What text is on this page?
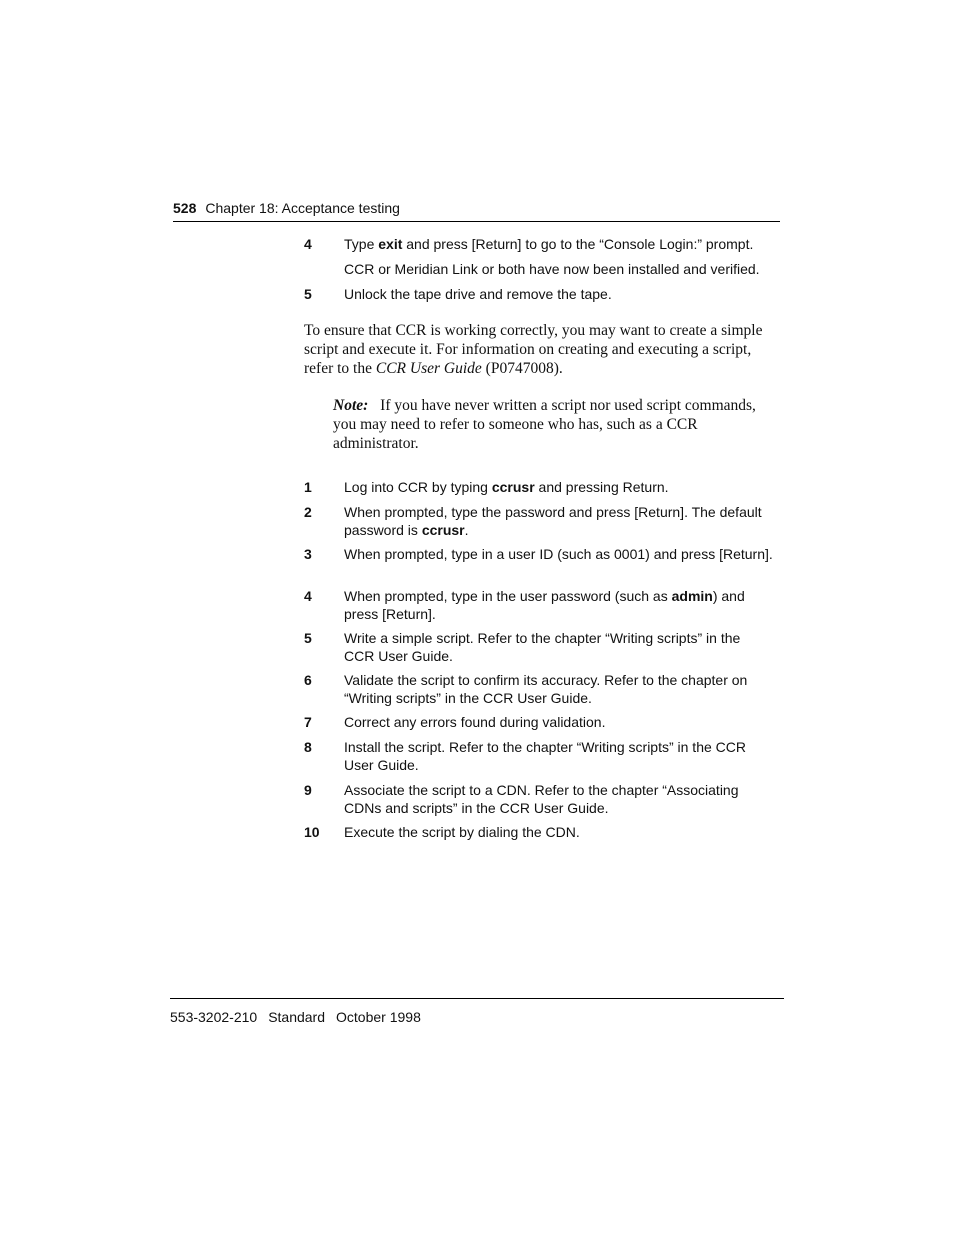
528 Chapter 18: Acceptance testing
4 Type exit and press [Return] to go to the “Console Login:” prompt.
CCR or Meridian Link or both have now been installed and verified.
5 Unlock the tape drive and remove the tape.
To ensure that CCR is working correctly, you may want to create a simple script and execute it. For information on creating and executing a script, refer to the CCR User Guide (P0747008).
Note: If you have never written a script nor used script commands, you may need to refer to someone who has, such as a CCR administrator.
1 Log into CCR by typing ccrusr and pressing Return.
2 When prompted, type the password and press [Return]. The default password is ccrusr.
3 When prompted, type in a user ID (such as 0001) and press [Return].
4 When prompted, type in the user password (such as admin) and press [Return].
5 Write a simple script. Refer to the chapter “Writing scripts” in the CCR User Guide.
6 Validate the script to confirm its accuracy. Refer to the chapter on “Writing scripts” in the CCR User Guide.
7 Correct any errors found during validation.
8 Install the script. Refer to the chapter “Writing scripts” in the CCR User Guide.
9 Associate the script to a CDN. Refer to the chapter “Associating CDNs and scripts” in the CCR User Guide.
10 Execute the script by dialing the CDN.
553-3202-210 Standard October 1998
